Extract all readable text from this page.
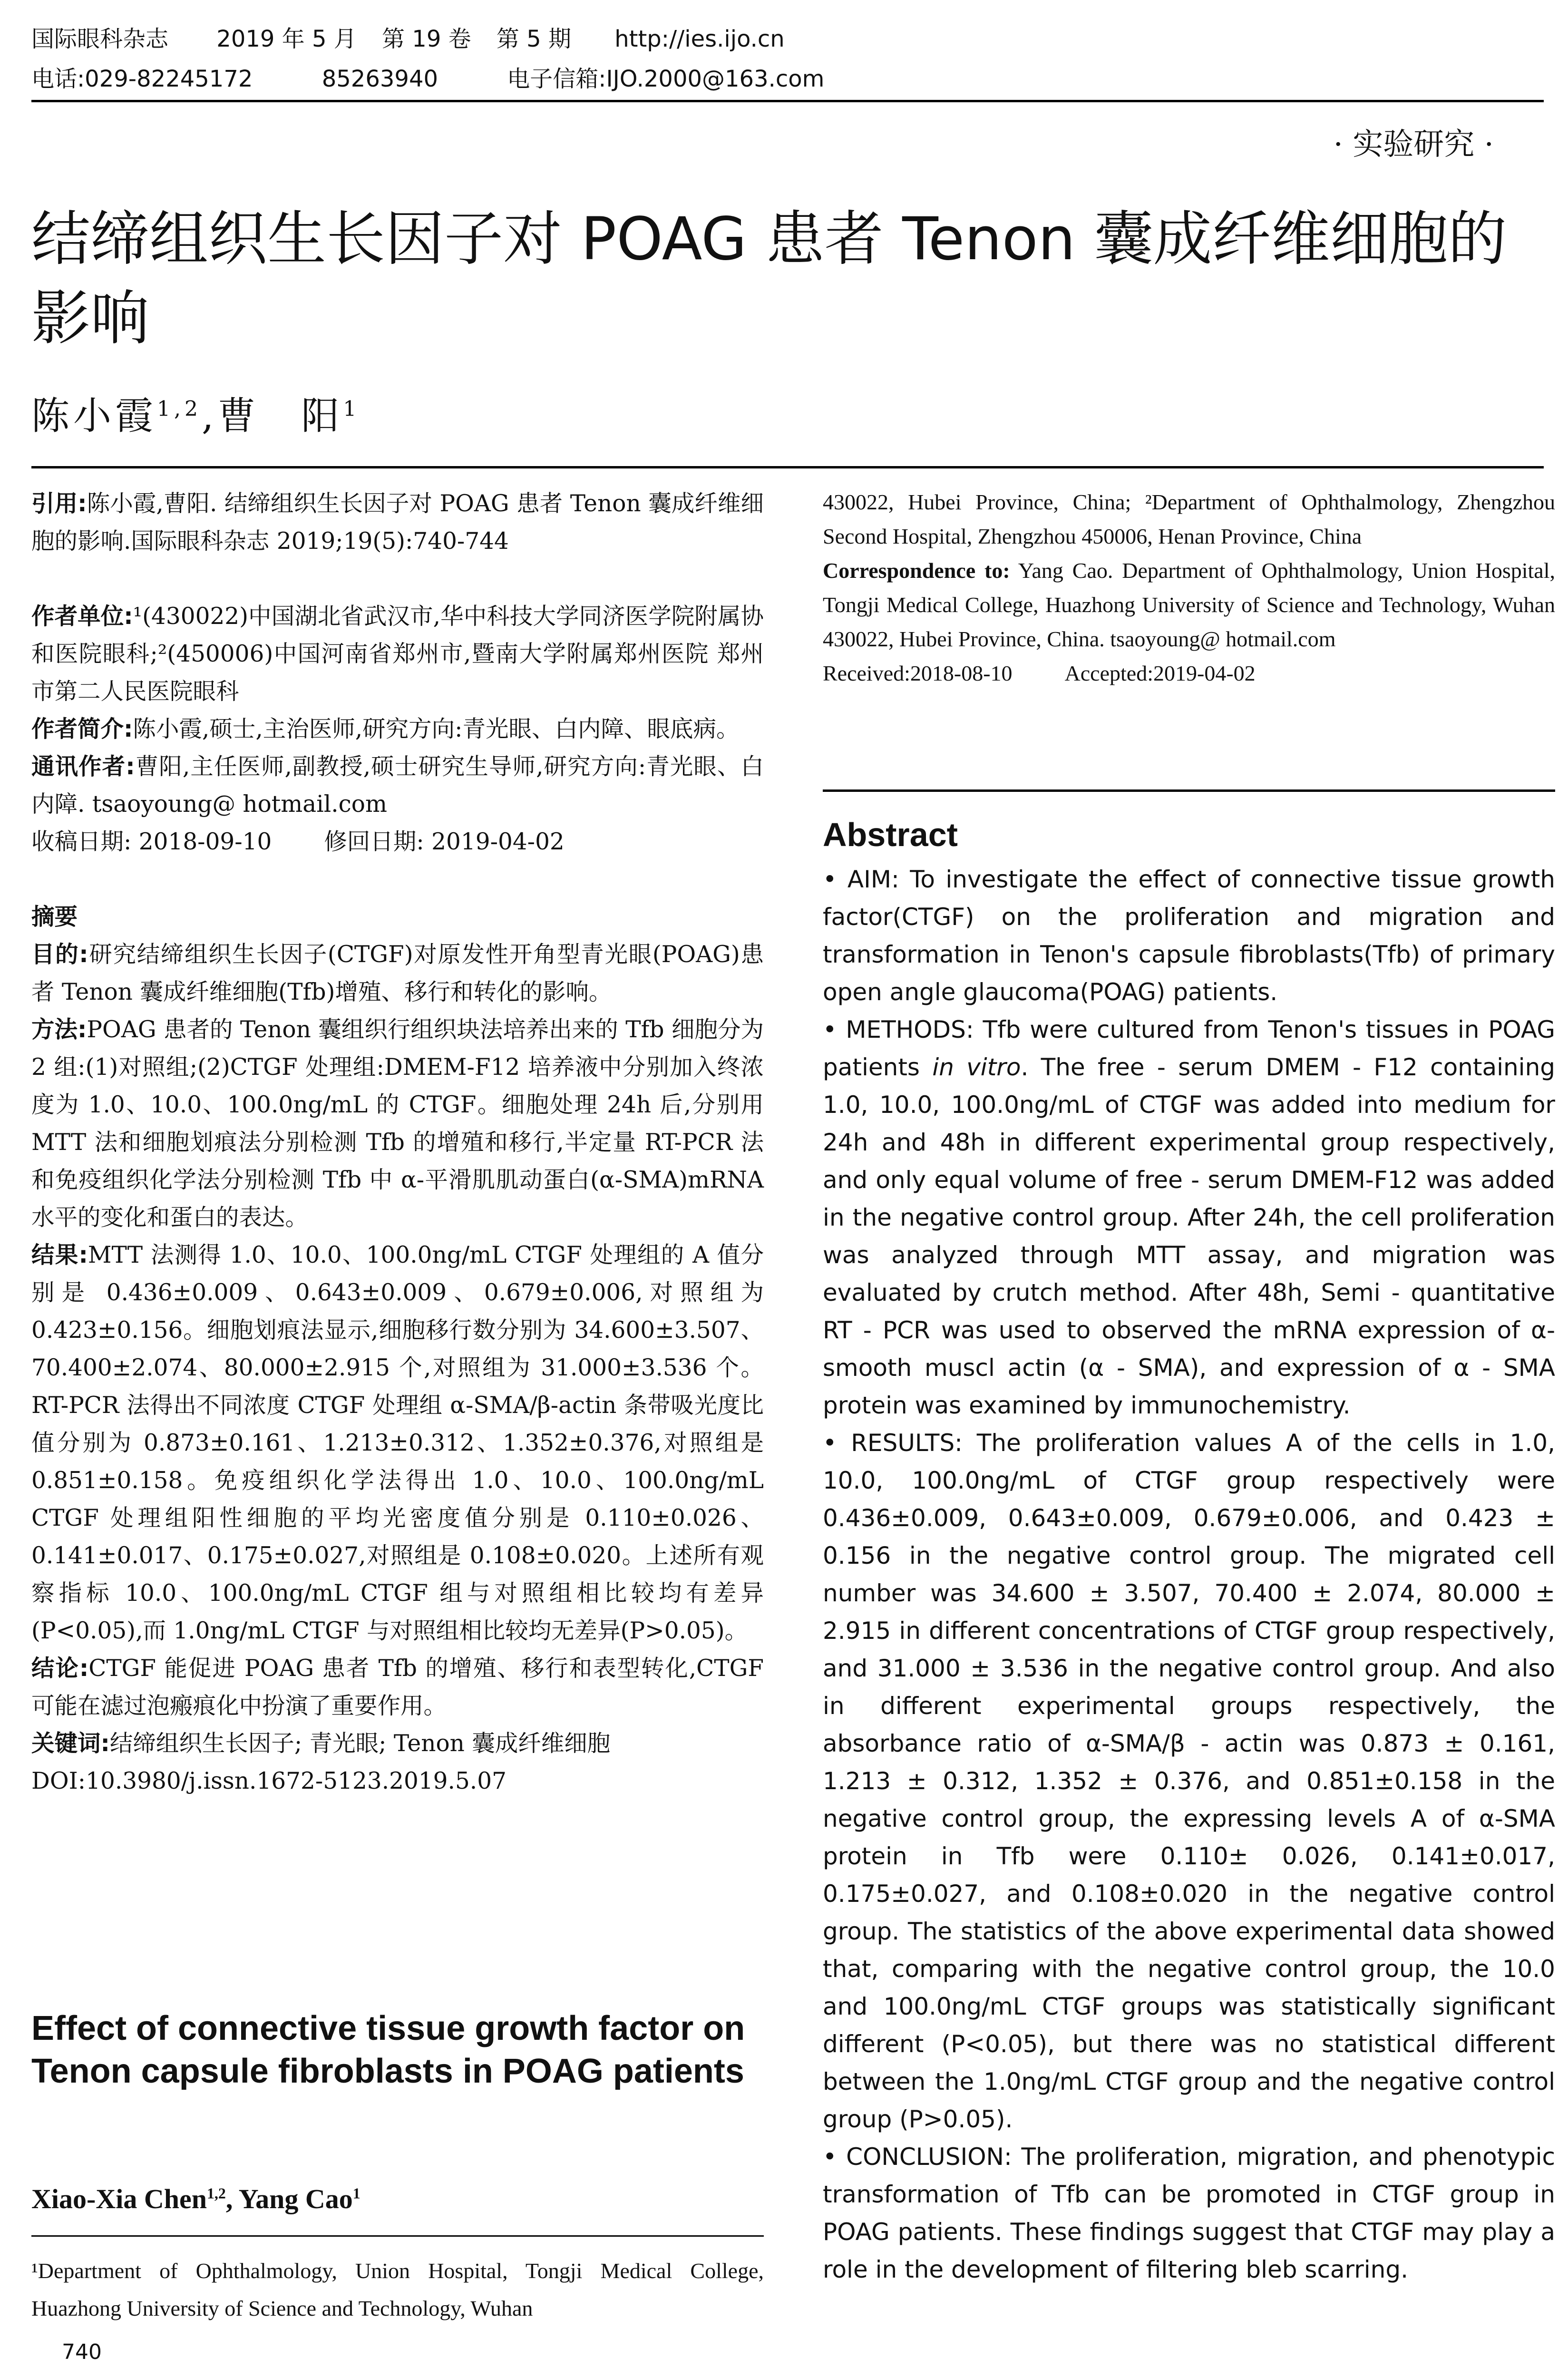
国际眼科杂志 2019 年 5 月 第 19 卷 第 5 期 http://ies.ijo.cn
电话:029-82245172	85263940	电子信箱:IJO.2000@163.com
· 实验研究 ·
结缔组织生长因子对 POAG 患者 Tenon 囊成纤维细胞的影响
陈小霞$^{1,2}$,曹　阳$^1$

引用:陈小霞,曹阳. 结缔组织生长因子对 POAG 患者 Tenon 囊成纤维细胞的影响.国际眼科杂志 2019;19(5):740-744

作者单位:¹(430022)中国湖北省武汉市,华中科技大学同济医学院附属协和医院眼科;²(450006)中国河南省郑州市,暨南大学附属郑州医院 郑州市第二人民医院眼科

作者简介:陈小霞,硕士,主治医师,研究方向:青光眼、白内障、眼底病。

通讯作者:曹阳,主任医师,副教授,硕士研究生导师,研究方向:青光眼、白内障. tsaoyoung@ hotmail.com

收稿日期: 2018-09-10 修回日期: 2019-04-02

摘要

目的:研究结缔组织生长因子(CTGF)对原发性开角型青光眼(POAG)患者 Tenon 囊成纤维细胞(Tfb)增殖、移行和转化的影响。

方法:POAG 患者的 Tenon 囊组织行组织块法培养出来的 Tfb 细胞分为 2 组:(1)对照组;(2)CTGF 处理组:DMEM-F12 培养液中分别加入终浓度为 1.0、10.0、100.0ng/mL 的 CTGF。细胞处理 24h 后,分别用 MTT 法和细胞划痕法分别检测 Tfb 的增殖和移行,半定量 RT-PCR 法和免疫组织化学法分别检测 Tfb 中 α-平滑肌肌动蛋白(α-SMA)mRNA 水平的变化和蛋白的表达。

结果:MTT 法测得 1.0、10.0、100.0ng/mL CTGF 处理组的 A 值分别是 0.436±0.009、0.643±0.009、0.679±0.006,对照组为 0.423±0.156。细胞划痕法显示,细胞移行数分别为 34.600±3.507、70.400±2.074、80.000±2.915 个,对照组为 31.000±3.536 个。RT-PCR 法得出不同浓度 CTGF 处理组 α-SMA/β-actin 条带吸光度比值分别为 0.873±0.161、1.213±0.312、1.352±0.376,对照组是 0.851±0.158。免疫组织化学法得出 1.0、10.0、100.0ng/mL CTGF 处理组阳性细胞的平均光密度值分别是 0.110±0.026、0.141±0.017、0.175±0.027,对照组是 0.108±0.020。上述所有观察指标 10.0、100.0ng/mL CTGF 组与对照组相比较均有差异(P<0.05),而 1.0ng/mL CTGF 与对照组相比较均无差异(P>0.05)。

结论:CTGF 能促进 POAG 患者 Tfb 的增殖、移行和表型转化,CTGF 可能在滤过泡瘢痕化中扮演了重要作用。

关键词:结缔组织生长因子; 青光眼; Tenon 囊成纤维细胞

DOI:10.3980/j.issn.1672-5123.2019.5.07

Effect of connective tissue growth factor on Tenon capsule fibroblasts in POAG patients
Xiao-Xia Chen$^{1,2}$, Yang Cao$^1$
¹Department of Ophthalmology, Union Hospital, Tongji Medical College, Huazhong University of Science and Technology, Wuhan
740

430022, Hubei Province, China; ²Department of Ophthalmology, Zhengzhou Second Hospital, Zhengzhou 450006, Henan Province, China

Correspondence to: Yang Cao. Department of Ophthalmology, Union Hospital, Tongji Medical College, Huazhong University of Science and Technology, Wuhan 430022, Hubei Province, China. tsaoyoung@ hotmail.com

Received:2018-08-10 Accepted:2019-04-02

Abstract

• AIM: To investigate the effect of connective tissue growth factor(CTGF) on the proliferation and migration and transformation in Tenon's capsule fibroblasts(Tfb) of primary open angle glaucoma(POAG) patients.

• METHODS: Tfb were cultured from Tenon's tissues in POAG patients in vitro. The free - serum DMEM - F12 containing 1.0, 10.0, 100.0ng/mL of CTGF was added into medium for 24h and 48h in different experimental group respectively, and only equal volume of free - serum DMEM-F12 was added in the negative control group. After 24h, the cell proliferation was analyzed through MTT assay, and migration was evaluated by crutch method. After 48h, Semi - quantitative RT - PCR was used to observed the mRNA expression of α-smooth muscl actin (α - SMA), and expression of α - SMA protein was examined by immunochemistry.

• RESULTS: The proliferation values A of the cells in 1.0, 10.0, 100.0ng/mL of CTGF group respectively were 0.436±0.009, 0.643±0.009, 0.679±0.006, and 0.423 ± 0.156 in the negative control group. The migrated cell number was 34.600 ± 3.507, 70.400 ± 2.074, 80.000 ± 2.915 in different concentrations of CTGF group respectively, and 31.000 ± 3.536 in the negative control group. And also in different experimental groups respectively, the absorbance ratio of α-SMA/β - actin was 0.873 ± 0.161, 1.213 ± 0.312, 1.352 ± 0.376, and 0.851±0.158 in the negative control group, the expressing levels A of α-SMA protein in Tfb were 0.110± 0.026, 0.141±0.017, 0.175±0.027, and 0.108±0.020 in the negative control group. The statistics of the above experimental data showed that, comparing with the negative control group, the 10.0 and 100.0ng/mL CTGF groups was statistically significant different (P<0.05), but there was no statistical different between the 1.0ng/mL CTGF group and the negative control group (P>0.05).

• CONCLUSION: The proliferation, migration, and phenotypic transformation of Tfb can be promoted in CTGF group in POAG patients. These findings suggest that CTGF may play a role in the development of filtering bleb scarring.
